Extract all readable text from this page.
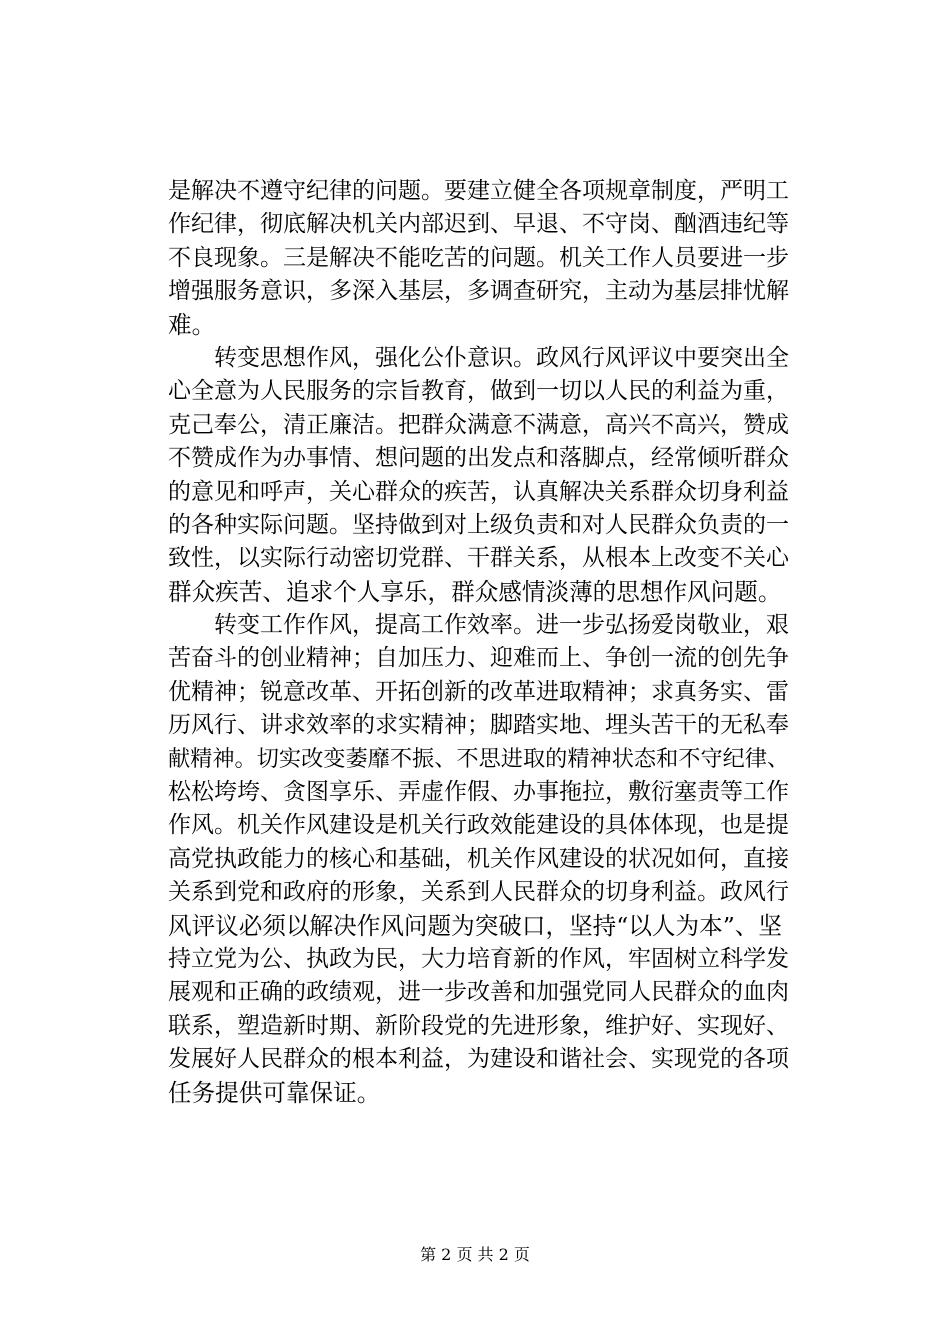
是解决不遵守纪律的问题。要建立健全各项规章制度，严明工
作纪律，彻底解决机关内部迟到、早退、不守岗、酗酒违纪等
不良现象。三是解决不能吃苦的问题。机关工作人员要进一步
增强服务意识，多深入基层，多调查研究，主动为基层排忧解
难。
　　转变思想作风，强化公仆意识。政风行风评议中要突出全
心全意为人民服务的宗旨教育，做到一切以人民的利益为重，
克己奉公，清正廉洁。把群众满意不满意，高兴不高兴，赞成
不赞成作为办事情、想问题的出发点和落脚点，经常倾听群众
的意见和呼声，关心群众的疾苦，认真解决关系群众切身利益
的各种实际问题。坚持做到对上级负责和对人民群众负责的一
致性，以实际行动密切党群、干群关系，从根本上改变不关心
群众疾苦、追求个人享乐，群众感情淡薄的思想作风问题。
　　转变工作作风，提高工作效率。进一步弘扬爱岗敬业，艰
苦奋斗的创业精神；自加压力、迎难而上、争创一流的创先争
优精神；锐意改革、开拓创新的改革进取精神；求真务实、雷
历风行、讲求效率的求实精神；脚踏实地、埋头苦干的无私奉
献精神。切实改变萎靡不振、不思进取的精神状态和不守纪律、
松松垮垮、贪图享乐、弄虚作假、办事拖拉，敷衍塞责等工作
作风。机关作风建设是机关行政效能建设的具体体现，也是提
高党执政能力的核心和基础，机关作风建设的状况如何，直接
关系到党和政府的形象，关系到人民群众的切身利益。政风行
风评议必须以解决作风问题为突破口，坚持“以人为本”、坚
持立党为公、执政为民，大力培育新的作风，牢固树立科学发
展观和正确的政绩观，进一步改善和加强党同人民群众的血肉
联系，塑造新时期、新阶段党的先进形象，维护好、实现好、
发展好人民群众的根本利益，为建设和谐社会、实现党的各项
任务提供可靠保证。
第 2 页 共 2 页
